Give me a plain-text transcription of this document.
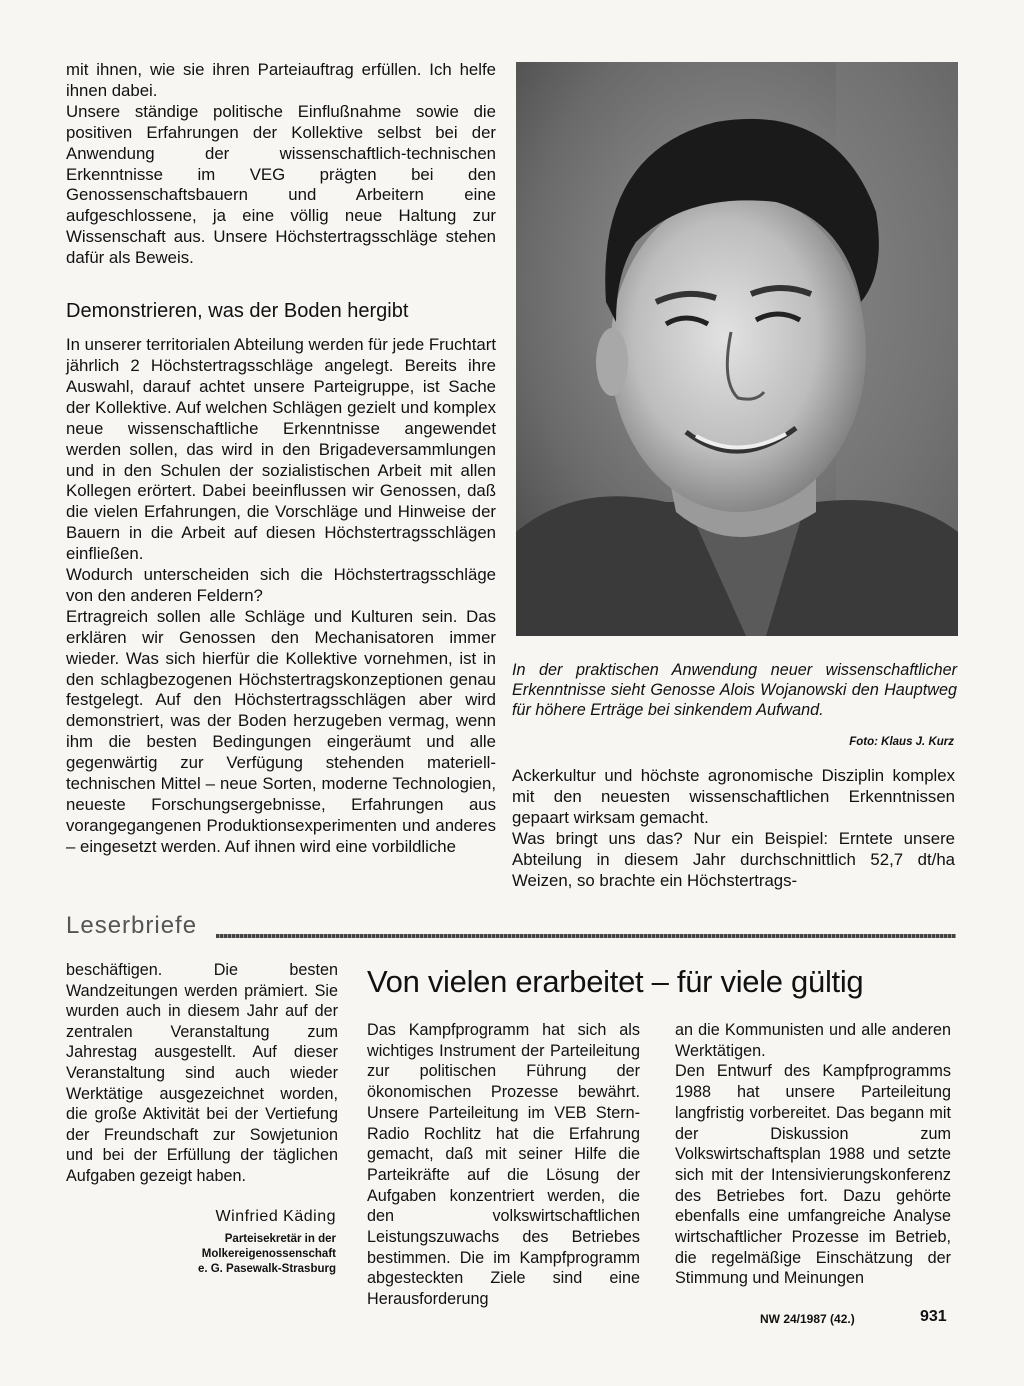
mit ihnen, wie sie ihren Parteiauftrag erfüllen. Ich helfe ihnen dabei.

Unsere ständige politische Einflußnahme sowie die positiven Erfahrungen der Kollektive selbst bei der Anwendung der wissenschaftlich-technischen Erkenntnisse im VEG prägten bei den Genossenschaftsbauern und Arbeitern eine aufgeschlossene, ja eine völlig neue Haltung zur Wissenschaft aus. Unsere Höchstertragsschläge stehen dafür als Beweis.

Demonstrieren, was der Boden hergibt

In unserer territorialen Abteilung werden für jede Fruchtart jährlich 2 Höchstertragsschläge angelegt. Bereits ihre Auswahl, darauf achtet unsere Parteigruppe, ist Sache der Kollektive. Auf welchen Schlägen gezielt und komplex neue wissenschaftliche Erkenntnisse angewendet werden sollen, das wird in den Brigadeversammlungen und in den Schulen der sozialistischen Arbeit mit allen Kollegen erörtert. Dabei beeinflussen wir Genossen, daß die vielen Erfahrungen, die Vorschläge und Hinweise der Bauern in die Arbeit auf diesen Höchstertragsschlägen einfließen.

Wodurch unterscheiden sich die Höchstertragsschläge von den anderen Feldern?

Ertragreich sollen alle Schläge und Kulturen sein. Das erklären wir Genossen den Mechanisatoren immer wieder. Was sich hierfür die Kollektive vornehmen, ist in den schlagbezogenen Höchstertragskonzeptionen genau festgelegt. Auf den Höchstertragsschlägen aber wird demonstriert, was der Boden herzugeben vermag, wenn ihm die besten Bedingungen eingeräumt und alle gegenwärtig zur Verfügung stehenden materiell-technischen Mittel – neue Sorten, moderne Technologien, neueste Forschungsergebnisse, Erfahrungen aus vorangegangenen Produktionsexperimenten und anderes – eingesetzt werden. Auf ihnen wird eine vorbildliche

In der praktischen Anwendung neuer wissenschaftlicher Erkenntnisse sieht Genosse Alois Wojanowski den Hauptweg für höhere Erträge bei sinkendem Aufwand.
Foto: Klaus J. Kurz

Ackerkultur und höchste agronomische Disziplin komplex mit den neuesten wissenschaftlichen Erkenntnissen gepaart wirksam gemacht.

Was bringt uns das? Nur ein Beispiel: Erntete unsere Abteilung in diesem Jahr durchschnittlich 52,7 dt/ha Weizen, so brachte ein Höchstertrags-

Leserbriefe

beschäftigen. Die besten Wandzeitungen werden prämiert. Sie wurden auch in diesem Jahr auf der zentralen Veranstaltung zum Jahrestag ausgestellt. Auf dieser Veranstaltung sind auch wieder Werktätige ausgezeichnet worden, die große Aktivität bei der Vertiefung der Freundschaft zur Sowjetunion und bei der Erfüllung der täglichen Aufgaben gezeigt haben.

Winfried Käding
Parteisekretär in der
Molkereigenossenschaft
e. G. Pasewalk-Strasburg
Von vielen erarbeitet – für viele gültig

Das Kampfprogramm hat sich als wichtiges Instrument der Parteileitung zur politischen Führung der ökonomischen Prozesse bewährt. Unsere Parteileitung im VEB Stern-Radio Rochlitz hat die Erfahrung gemacht, daß mit seiner Hilfe die Parteikräfte auf die Lösung der Aufgaben konzentriert werden, die den volkswirtschaftlichen Leistungszuwachs des Betriebes bestimmen. Die im Kampfprogramm abgesteckten Ziele sind eine Herausforderung

an die Kommunisten und alle anderen Werktätigen.

Den Entwurf des Kampfprogramms 1988 hat unsere Parteileitung langfristig vorbereitet. Das begann mit der Diskussion zum Volkswirtschaftsplan 1988 und setzte sich mit der Intensivierungskonferenz des Betriebes fort. Dazu gehörte ebenfalls eine umfangreiche Analyse wirtschaftlicher Prozesse im Betrieb, die regelmäßige Einschätzung der Stimmung und Meinungen

NW 24/1987 (42.)	931
